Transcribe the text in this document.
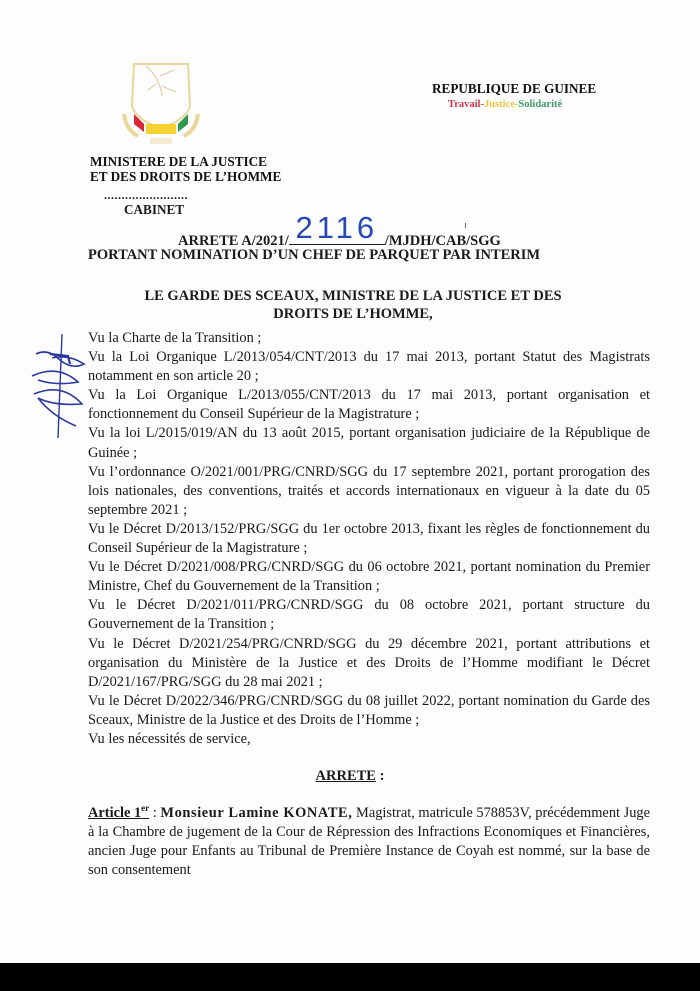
MINISTERE DE LA JUSTICE
ET DES DROITS DE L’HOMME
........................
CABINET
REPUBLIQUE DE GUINEE
Travail-Justice-Solidarité
ARRETE A/2021/ 2116 /MJDH/CAB/SGG
PORTANT NOMINATION D’UN CHEF DE PARQUET PAR INTERIM
LE GARDE DES SCEAUX, MINISTRE DE LA JUSTICE ET DES
DROITS DE L’HOMME,

Vu la Charte de la Transition ;

Vu la Loi Organique L/2013/054/CNT/2013 du 17 mai 2013, portant Statut des Magistrats notamment en son article 20 ;

Vu la Loi Organique L/2013/055/CNT/2013 du 17 mai 2013, portant organisation et fonctionnement du Conseil Supérieur de la Magistrature ;

Vu la loi L/2015/019/AN du 13 août 2015, portant organisation judiciaire de la République de Guinée ;

Vu l’ordonnance O/2021/001/PRG/CNRD/SGG du 17 septembre 2021, portant prorogation des lois nationales, des conventions, traités et accords internationaux en vigueur à la date du 05 septembre 2021 ;

Vu le Décret D/2013/152/PRG/SGG du 1er octobre 2013, fixant les règles de fonctionnement du Conseil Supérieur de la Magistrature ;

Vu le Décret D/2021/008/PRG/CNRD/SGG du 06 octobre 2021, portant nomination du Premier Ministre, Chef du Gouvernement de la Transition ;

Vu le Décret D/2021/011/PRG/CNRD/SGG du 08 octobre 2021, portant structure du Gouvernement de la Transition ;

Vu le Décret D/2021/254/PRG/CNRD/SGG du 29 décembre 2021, portant attributions et organisation du Ministère de la Justice et des Droits de l’Homme modifiant le Décret D/2021/167/PRG/SGG du 28 mai 2021 ;

Vu le Décret D/2022/346/PRG/CNRD/SGG du 08 juillet 2022, portant nomination du Garde des Sceaux, Ministre de la Justice et des Droits de l’Homme ;

Vu les nécessités de service,

ARRETE :
Article 1er : Monsieur Lamine KONATE, Magistrat, matricule 578853V, précédemment Juge à la Chambre de jugement de la Cour de Répression des Infractions Economiques et Financières, ancien Juge pour Enfants au Tribunal de Première Instance de Coyah est nommé, sur la base de son consentement
